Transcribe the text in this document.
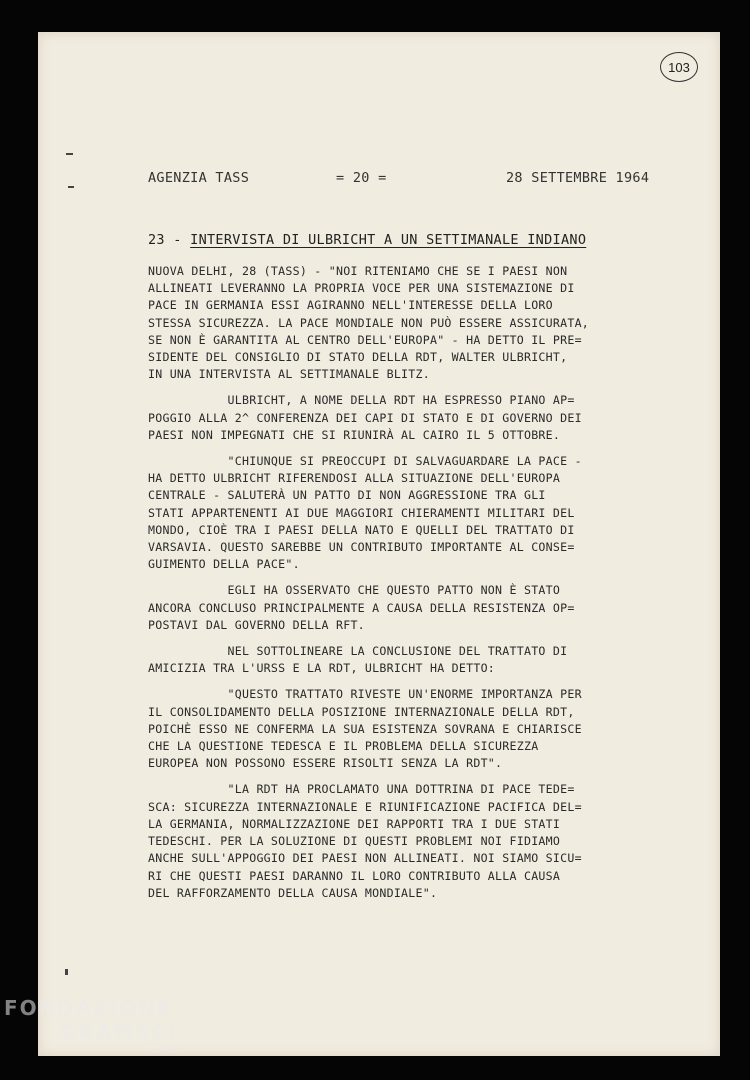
103
AGENZIA TASS	= 20 =	28 SETTEMBRE 1964
23 - INTERVISTA DI ULBRICHT A UN SETTIMANALE INDIANO

NUOVA DELHI, 28 (TASS) - "NOI RITENIAMO CHE SE I PAESI NON
ALLINEATI LEVERANNO LA PROPRIA VOCE PER UNA SISTEMAZIONE DI
PACE IN GERMANIA ESSI AGIRANNO NELL'INTERESSE DELLA LORO
STESSA SICUREZZA. LA PACE MONDIALE NON PUÒ ESSERE ASSICURATA,
SE NON È GARANTITA AL CENTRO DELL'EUROPA" - HA DETTO IL PRE=
SIDENTE DEL CONSIGLIO DI STATO DELLA RDT, WALTER ULBRICHT,
IN UNA INTERVISTA AL SETTIMANALE BLITZ.

ULBRICHT, A NOME DELLA RDT HA ESPRESSO PIANO AP=
POGGIO ALLA 2^ CONFERENZA DEI CAPI DI STATO E DI GOVERNO DEI
PAESI NON IMPEGNATI CHE SI RIUNIRÀ AL CAIRO IL 5 OTTOBRE.

"CHIUNQUE SI PREOCCUPI DI SALVAGUARDARE LA PACE -
HA DETTO ULBRICHT RIFERENDOSI ALLA SITUAZIONE DELL'EUROPA
CENTRALE - SALUTERÀ UN PATTO DI NON AGGRESSIONE TRA GLI
STATI APPARTENENTI AI DUE MAGGIORI CHIERAMENTI MILITARI DEL
MONDO, CIOÈ TRA I PAESI DELLA NATO E QUELLI DEL TRATTATO DI
VARSAVIA. QUESTO SAREBBE UN CONTRIBUTO IMPORTANTE AL CONSE=
GUIMENTO DELLA PACE".

EGLI HA OSSERVATO CHE QUESTO PATTO NON È STATO
ANCORA CONCLUSO PRINCIPALMENTE A CAUSA DELLA RESISTENZA OP=
POSTAVI DAL GOVERNO DELLA RFT.

NEL SOTTOLINEARE LA CONCLUSIONE DEL TRATTATO DI
AMICIZIA TRA L'URSS E LA RDT, ULBRICHT HA DETTO:

"QUESTO TRATTATO RIVESTE UN'ENORME IMPORTANZA PER
IL CONSOLIDAMENTO DELLA POSIZIONE INTERNAZIONALE DELLA RDT,
POICHÈ ESSO NE CONFERMA LA SUA ESISTENZA SOVRANA E CHIARISCE
CHE LA QUESTIONE TEDESCA E IL PROBLEMA DELLA SICUREZZA
EUROPEA NON POSSONO ESSERE RISOLTI SENZA LA RDT".

"LA RDT HA PROCLAMATO UNA DOTTRINA DI PACE TEDE=
SCA: SICUREZZA INTERNAZIONALE E RIUNIFICAZIONE PACIFICA DEL=
LA GERMANIA, NORMALIZZAZIONE DEI RAPPORTI TRA I DUE STATI
TEDESCHI. PER LA SOLUZIONE DI QUESTI PROBLEMI NOI FIDIAMO
ANCHE SULL'APPOGGIO DEI PAESI NON ALLINEATI. NOI SIAMO SICU=
RI CHE QUESTI PAESI DARANNO IL LORO CONTRIBUTO ALLA CAUSA
DEL RAFFORZAMENTO DELLA CAUSA MONDIALE".

FONDAZIONE
GRAMSCI
onlus
